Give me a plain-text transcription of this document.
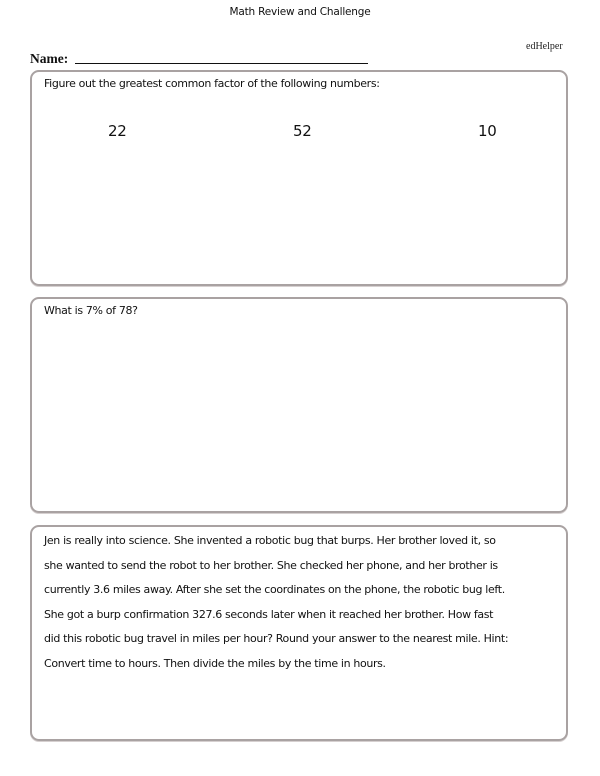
Math Review and Challenge
edHelper
Name:
Figure out the greatest common factor of the following numbers:
22	52	10
What is 7% of 78?
Jen is really into science. She invented a robotic bug that burps. Her brother loved it, so
she wanted to send the robot to her brother. She checked her phone, and her brother is
currently 3.6 miles away. After she set the coordinates on the phone, the robotic bug left.
She got a burp confirmation 327.6 seconds later when it reached her brother. How fast
did this robotic bug travel in miles per hour? Round your answer to the nearest mile. Hint:
Convert time to hours. Then divide the miles by the time in hours.
